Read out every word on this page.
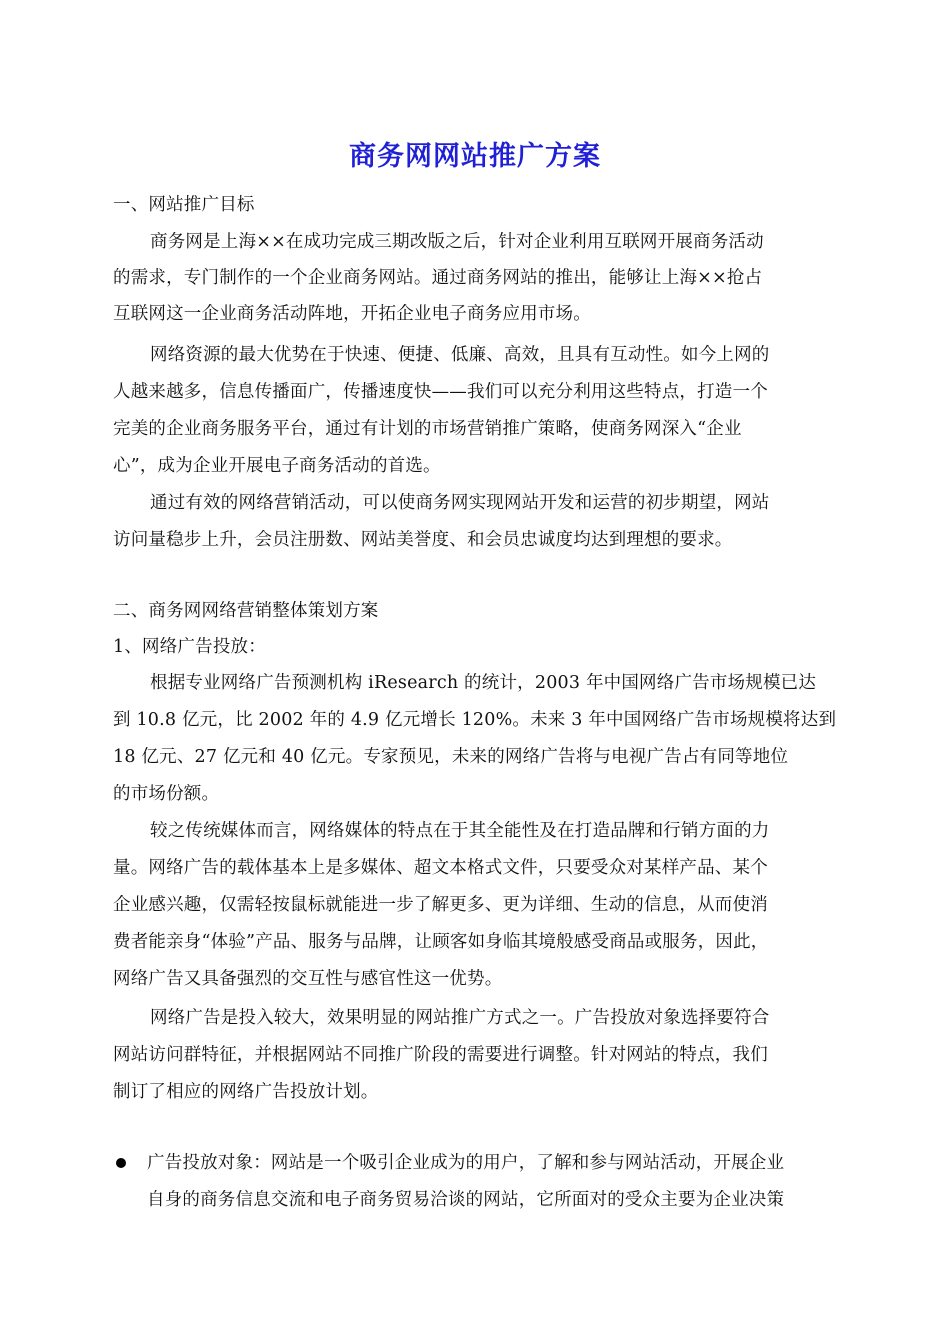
商务网网站推广方案
一、网站推广目标
商务网是上海××在成功完成三期改版之后，针对企业利用互联网开展商务活动
的需求，专门制作的一个企业商务网站。通过商务网站的推出，能够让上海××抢占
互联网这一企业商务活动阵地，开拓企业电子商务应用市场。
网络资源的最大优势在于快速、便捷、低廉、高效，且具有互动性。如今上网的
人越来越多，信息传播面广，传播速度快——我们可以充分利用这些特点，打造一个
完美的企业商务服务平台，通过有计划的市场营销推广策略，使商务网深入“企业
心”，成为企业开展电子商务活动的首选。
通过有效的网络营销活动，可以使商务网实现网站开发和运营的初步期望，网站
访问量稳步上升，会员注册数、网站美誉度、和会员忠诚度均达到理想的要求。
二、商务网网络营销整体策划方案
1、网络广告投放：
根据专业网络广告预测机构 iResearch 的统计，2003 年中国网络广告市场规模已达
到 10.8 亿元，比 2002 年的 4.9 亿元增长 120%。未来 3 年中国网络广告市场规模将达到
18 亿元、27 亿元和 40 亿元。专家预见，未来的网络广告将与电视广告占有同等地位
的市场份额。
较之传统媒体而言，网络媒体的特点在于其全能性及在打造品牌和行销方面的力
量。网络广告的载体基本上是多媒体、超文本格式文件，只要受众对某样产品、某个
企业感兴趣，仅需轻按鼠标就能进一步了解更多、更为详细、生动的信息，从而使消
费者能亲身“体验”产品、服务与品牌，让顾客如身临其境般感受商品或服务，因此，
网络广告又具备强烈的交互性与感官性这一优势。
网络广告是投入较大，效果明显的网站推广方式之一。广告投放对象选择要符合
网站访问群特征，并根据网站不同推广阶段的需要进行调整。针对网站的特点，我们
制订了相应的网络广告投放计划。
广告投放对象：网站是一个吸引企业成为的用户，了解和参与网站活动，开展企业
自身的商务信息交流和电子商务贸易洽谈的网站，它所面对的受众主要为企业决策
